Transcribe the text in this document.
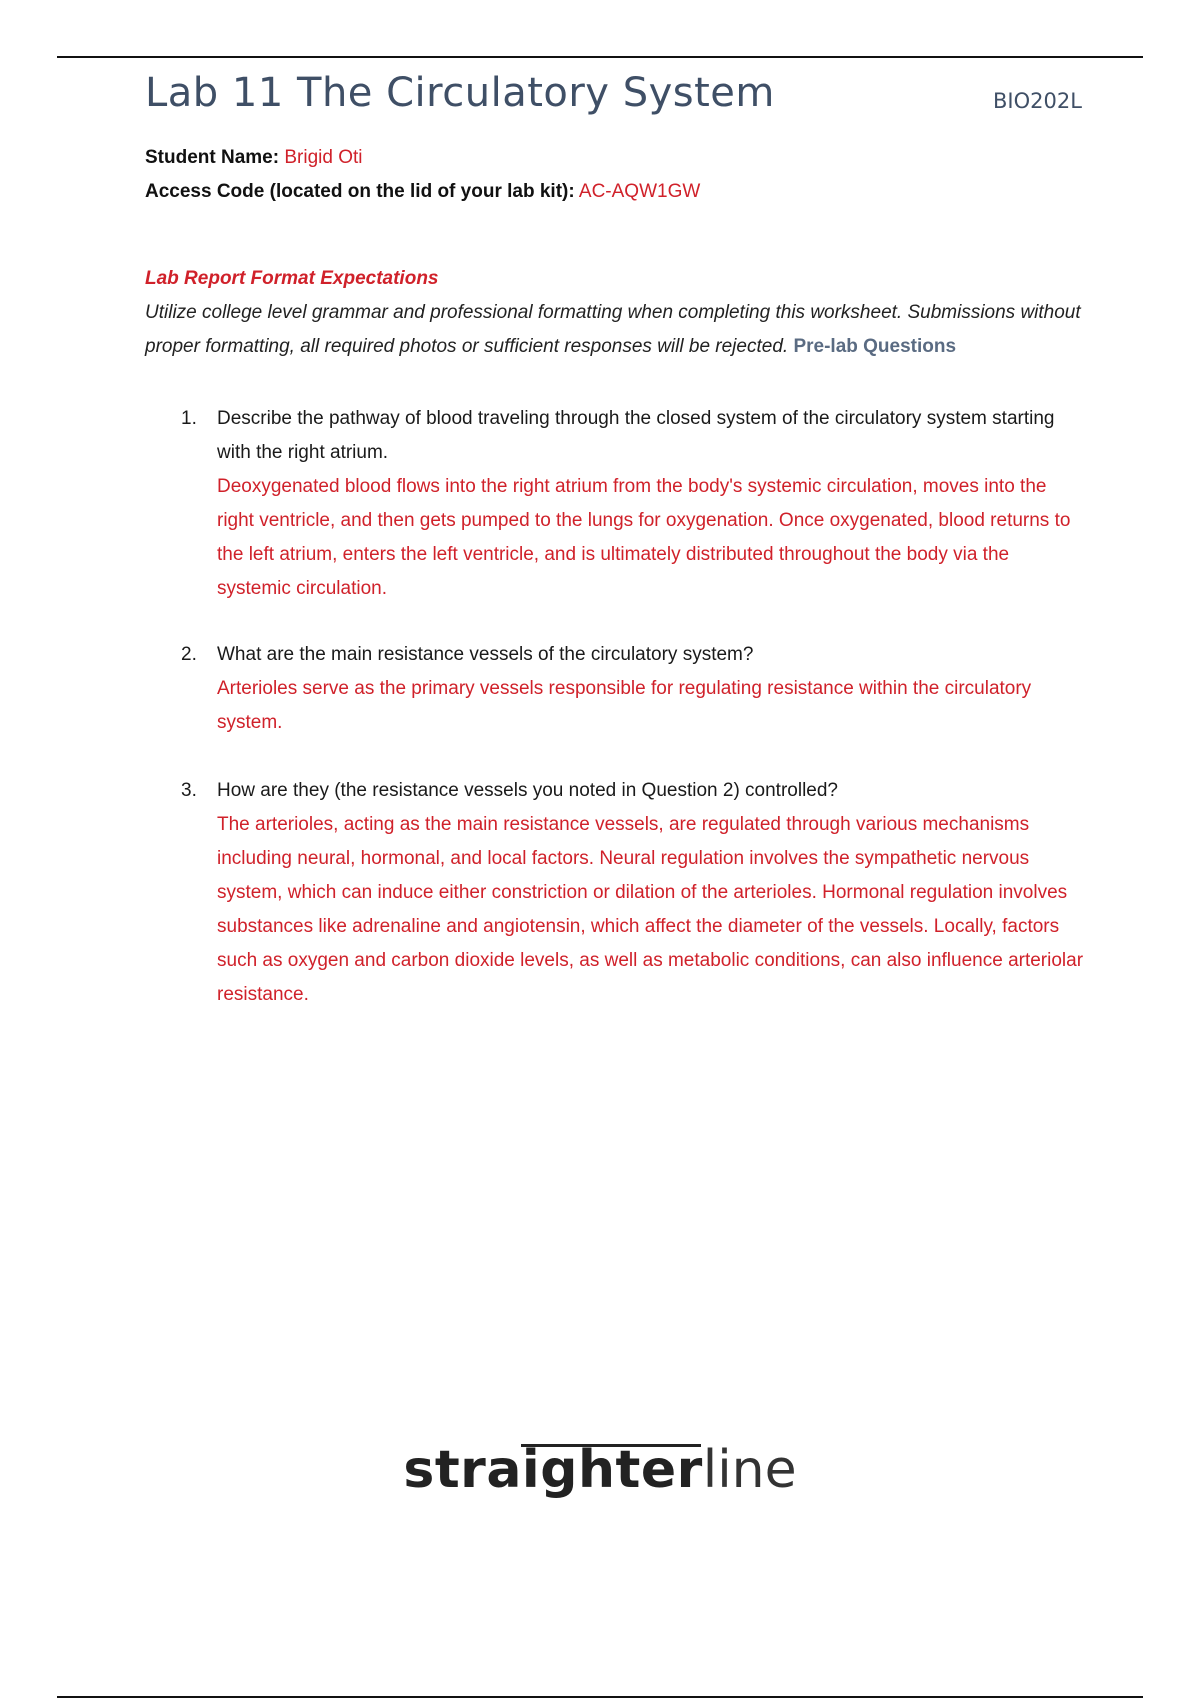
Lab 11 The Circulatory System	BIO202L
Student Name: Brigid Oti
Access Code (located on the lid of your lab kit): AC-AQW1GW
Lab Report Format Expectations
Utilize college level grammar and professional formatting when completing this worksheet. Submissions without proper formatting, all required photos or sufficient responses will be rejected. Pre-lab Questions
1. Describe the pathway of blood traveling through the closed system of the circulatory system starting with the right atrium.
Deoxygenated blood flows into the right atrium from the body's systemic circulation, moves into the right ventricle, and then gets pumped to the lungs for oxygenation. Once oxygenated, blood returns to the left atrium, enters the left ventricle, and is ultimately distributed throughout the body via the systemic circulation.
2. What are the main resistance vessels of the circulatory system?
Arterioles serve as the primary vessels responsible for regulating resistance within the circulatory system.
3. How are they (the resistance vessels you noted in Question 2) controlled?
The arterioles, acting as the main resistance vessels, are regulated through various mechanisms including neural, hormonal, and local factors. Neural regulation involves the sympathetic nervous system, which can induce either constriction or dilation of the arterioles. Hormonal regulation involves substances like adrenaline and angiotensin, which affect the diameter of the vessels. Locally, factors such as oxygen and carbon dioxide levels, as well as metabolic conditions, can also influence arteriolar resistance.
straighterline
